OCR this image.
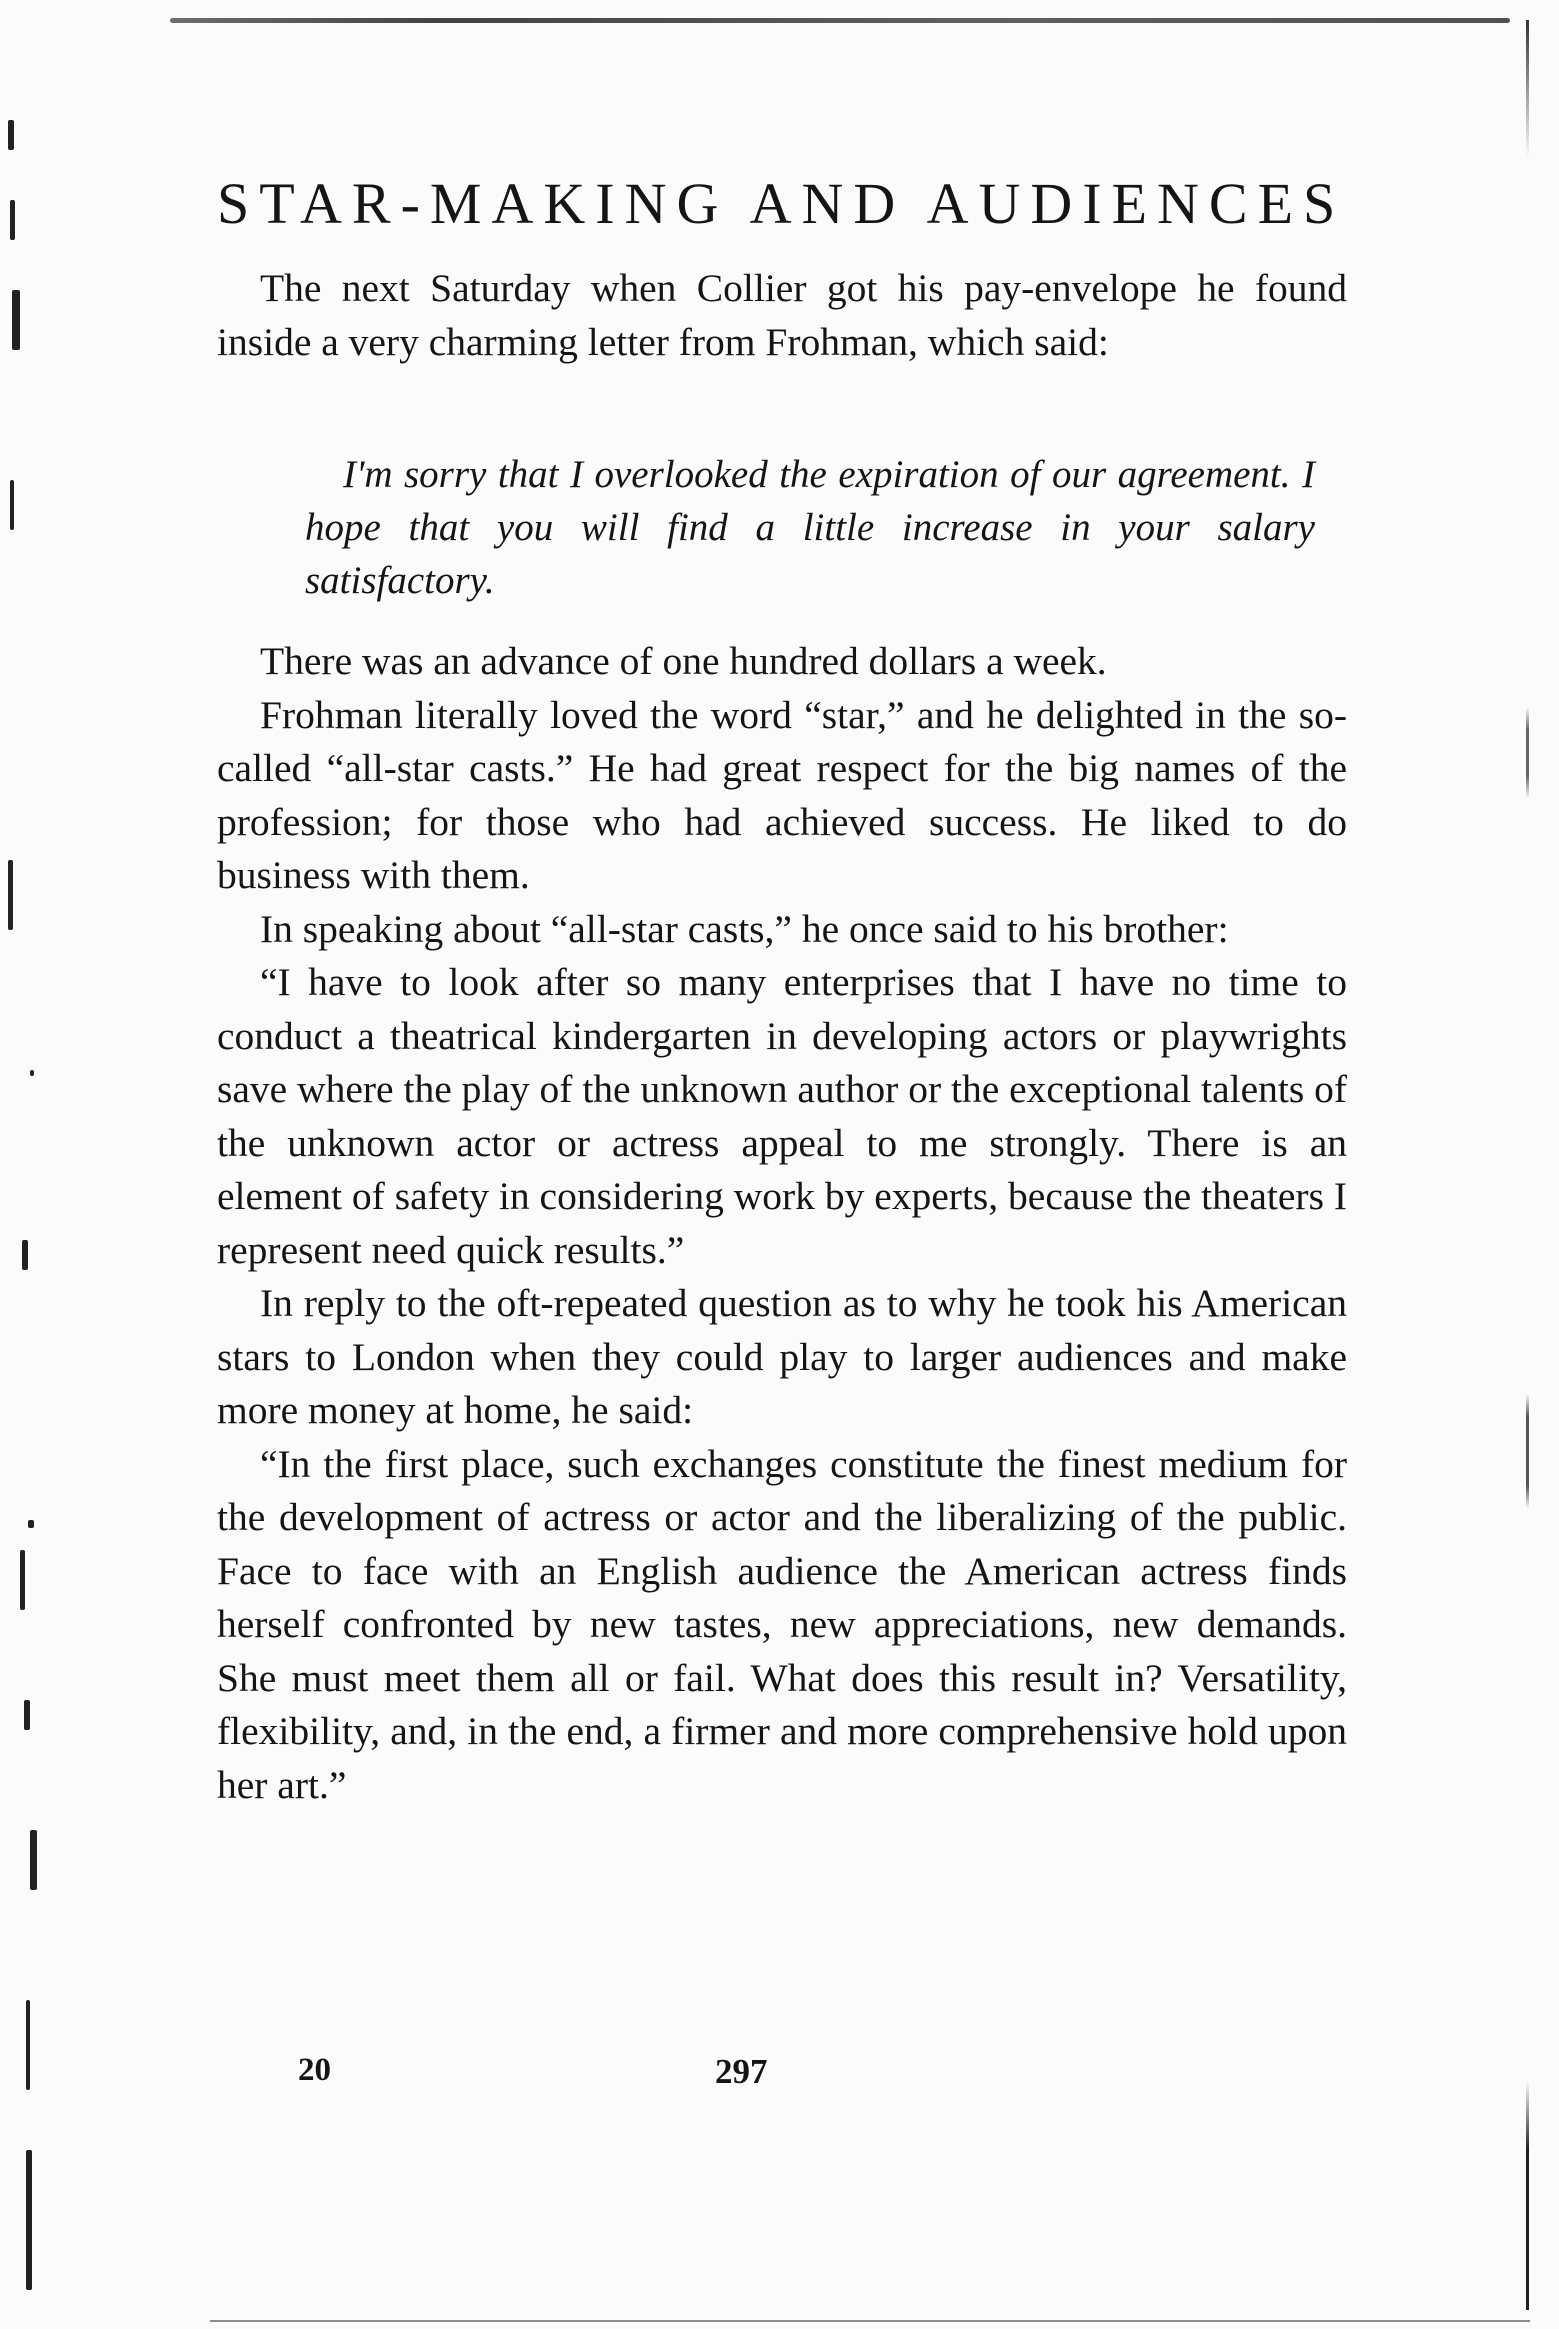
STAR-MAKING AND AUDIENCES

The next Saturday when Collier got his pay-envelope he found inside a very charming letter from Frohman, which said:

I'm sorry that I overlooked the expiration of our agreement. I hope that you will find a little increase in your salary satisfactory.

There was an advance of one hundred dollars a week.

Frohman literally loved the word “star,” and he delighted in the so-called “all-star casts.” He had great respect for the big names of the profession; for those who had achieved success. He liked to do business with them.

In speaking about “all-star casts,” he once said to his brother:

“I have to look after so many enterprises that I have no time to conduct a theatrical kindergarten in developing actors or playwrights save where the play of the unknown author or the exceptional talents of the unknown actor or actress appeal to me strongly. There is an element of safety in considering work by experts, because the theaters I represent need quick results.”

In reply to the oft-repeated question as to why he took his American stars to London when they could play to larger audiences and make more money at home, he said:

“In the first place, such exchanges constitute the finest medium for the development of actress or actor and the liberalizing of the public. Face to face with an English audience the American actress finds herself confronted by new tastes, new appreciations, new demands. She must meet them all or fail. What does this result in? Versatility, flexibility, and, in the end, a firmer and more comprehensive hold upon her art.”

20	297
